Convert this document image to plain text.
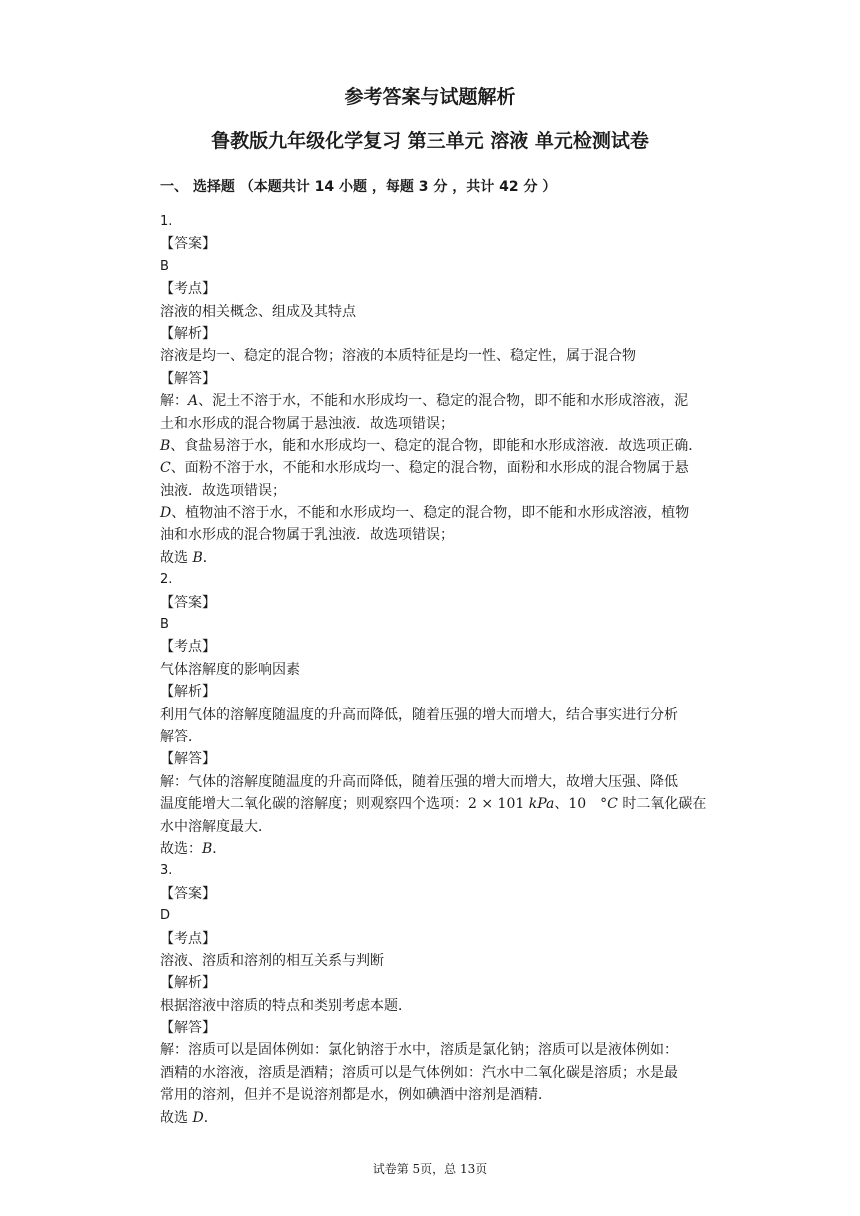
参考答案与试题解析
鲁教版九年级化学复习 第三单元 溶液 单元检测试卷
一、 选择题 （本题共计 14 小题 ，每题 3 分 ，共计 42 分 ）
1.
【答案】
B
【考点】
溶液的相关概念、组成及其特点
【解析】
溶液是均一、稳定的混合物；溶液的本质特征是均一性、稳定性，属于混合物
【解答】
解：A、泥土不溶于水，不能和水形成均一、稳定的混合物，即不能和水形成溶液，泥
土和水形成的混合物属于悬浊液．故选项错误；
B、食盐易溶于水，能和水形成均一、稳定的混合物，即能和水形成溶液．故选项正确．
C、面粉不溶于水，不能和水形成均一、稳定的混合物，面粉和水形成的混合物属于悬
浊液．故选项错误；
D、植物油不溶于水，不能和水形成均一、稳定的混合物，即不能和水形成溶液，植物
油和水形成的混合物属于乳浊液．故选项错误；
故选 B．
2.
【答案】
B
【考点】
气体溶解度的影响因素
【解析】
利用气体的溶解度随温度的升高而降低，随着压强的增大而增大，结合事实进行分析
解答．
【解答】
解：气体的溶解度随温度的升高而降低，随着压强的增大而增大，故增大压强、降低
温度能增大二氧化碳的溶解度；则观察四个选项：2 × 101 kPa、10　°C 时二氧化碳在
水中溶解度最大．
故选：B．
3.
【答案】
D
【考点】
溶液、溶质和溶剂的相互关系与判断
【解析】
根据溶液中溶质的特点和类别考虑本题．
【解答】
解：溶质可以是固体例如：氯化钠溶于水中，溶质是氯化钠；溶质可以是液体例如：
酒精的水溶液，溶质是酒精；溶质可以是气体例如：汽水中二氧化碳是溶质；水是最
常用的溶剂，但并不是说溶剂都是水，例如碘酒中溶剂是酒精．
故选 D．
试卷第 5页，总 13页
